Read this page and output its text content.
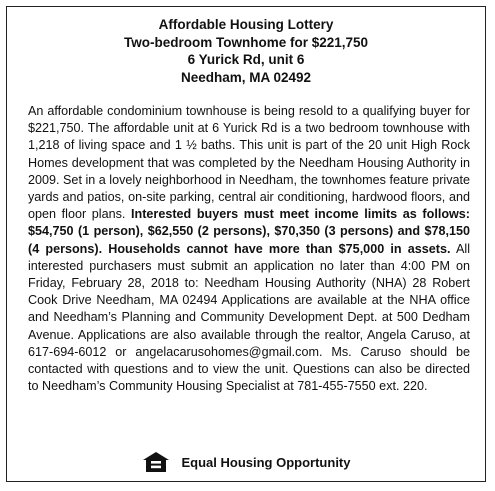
Affordable Housing Lottery
Two-bedroom Townhome for $221,750
6 Yurick Rd, unit 6
Needham, MA 02492

An affordable condominium townhouse is being resold to a qualifying buyer for $221,750. The affordable unit at 6 Yurick Rd is a two bedroom townhouse with 1,218 of living space and 1 ½ baths. This unit is part of the 20 unit High Rock Homes development that was completed by the Needham Housing Authority in 2009. Set in a lovely neighborhood in Needham, the townhomes feature private yards and patios, on-site parking, central air conditioning, hardwood floors, and open floor plans. Interested buyers must meet income limits as follows: $54,750 (1 person), $62,550 (2 persons), $70,350 (3 persons) and $78,150 (4 persons). Households cannot have more than $75,000 in assets. All interested purchasers must submit an application no later than 4:00 PM on Friday, February 28, 2018 to: Needham Housing Authority (NHA) 28 Robert Cook Drive Needham, MA 02494 Applications are available at the NHA office and Needham’s Planning and Community Development Dept. at 500 Dedham Avenue. Applications are also available through the realtor, Angela Caruso, at 617-694-6012 or angelacarusohomes@gmail.com. Ms. Caruso should be contacted with questions and to view the unit. Questions can also be directed to Needham’s Community Housing Specialist at 781-455-7550 ext. 220.

Equal Housing Opportunity
